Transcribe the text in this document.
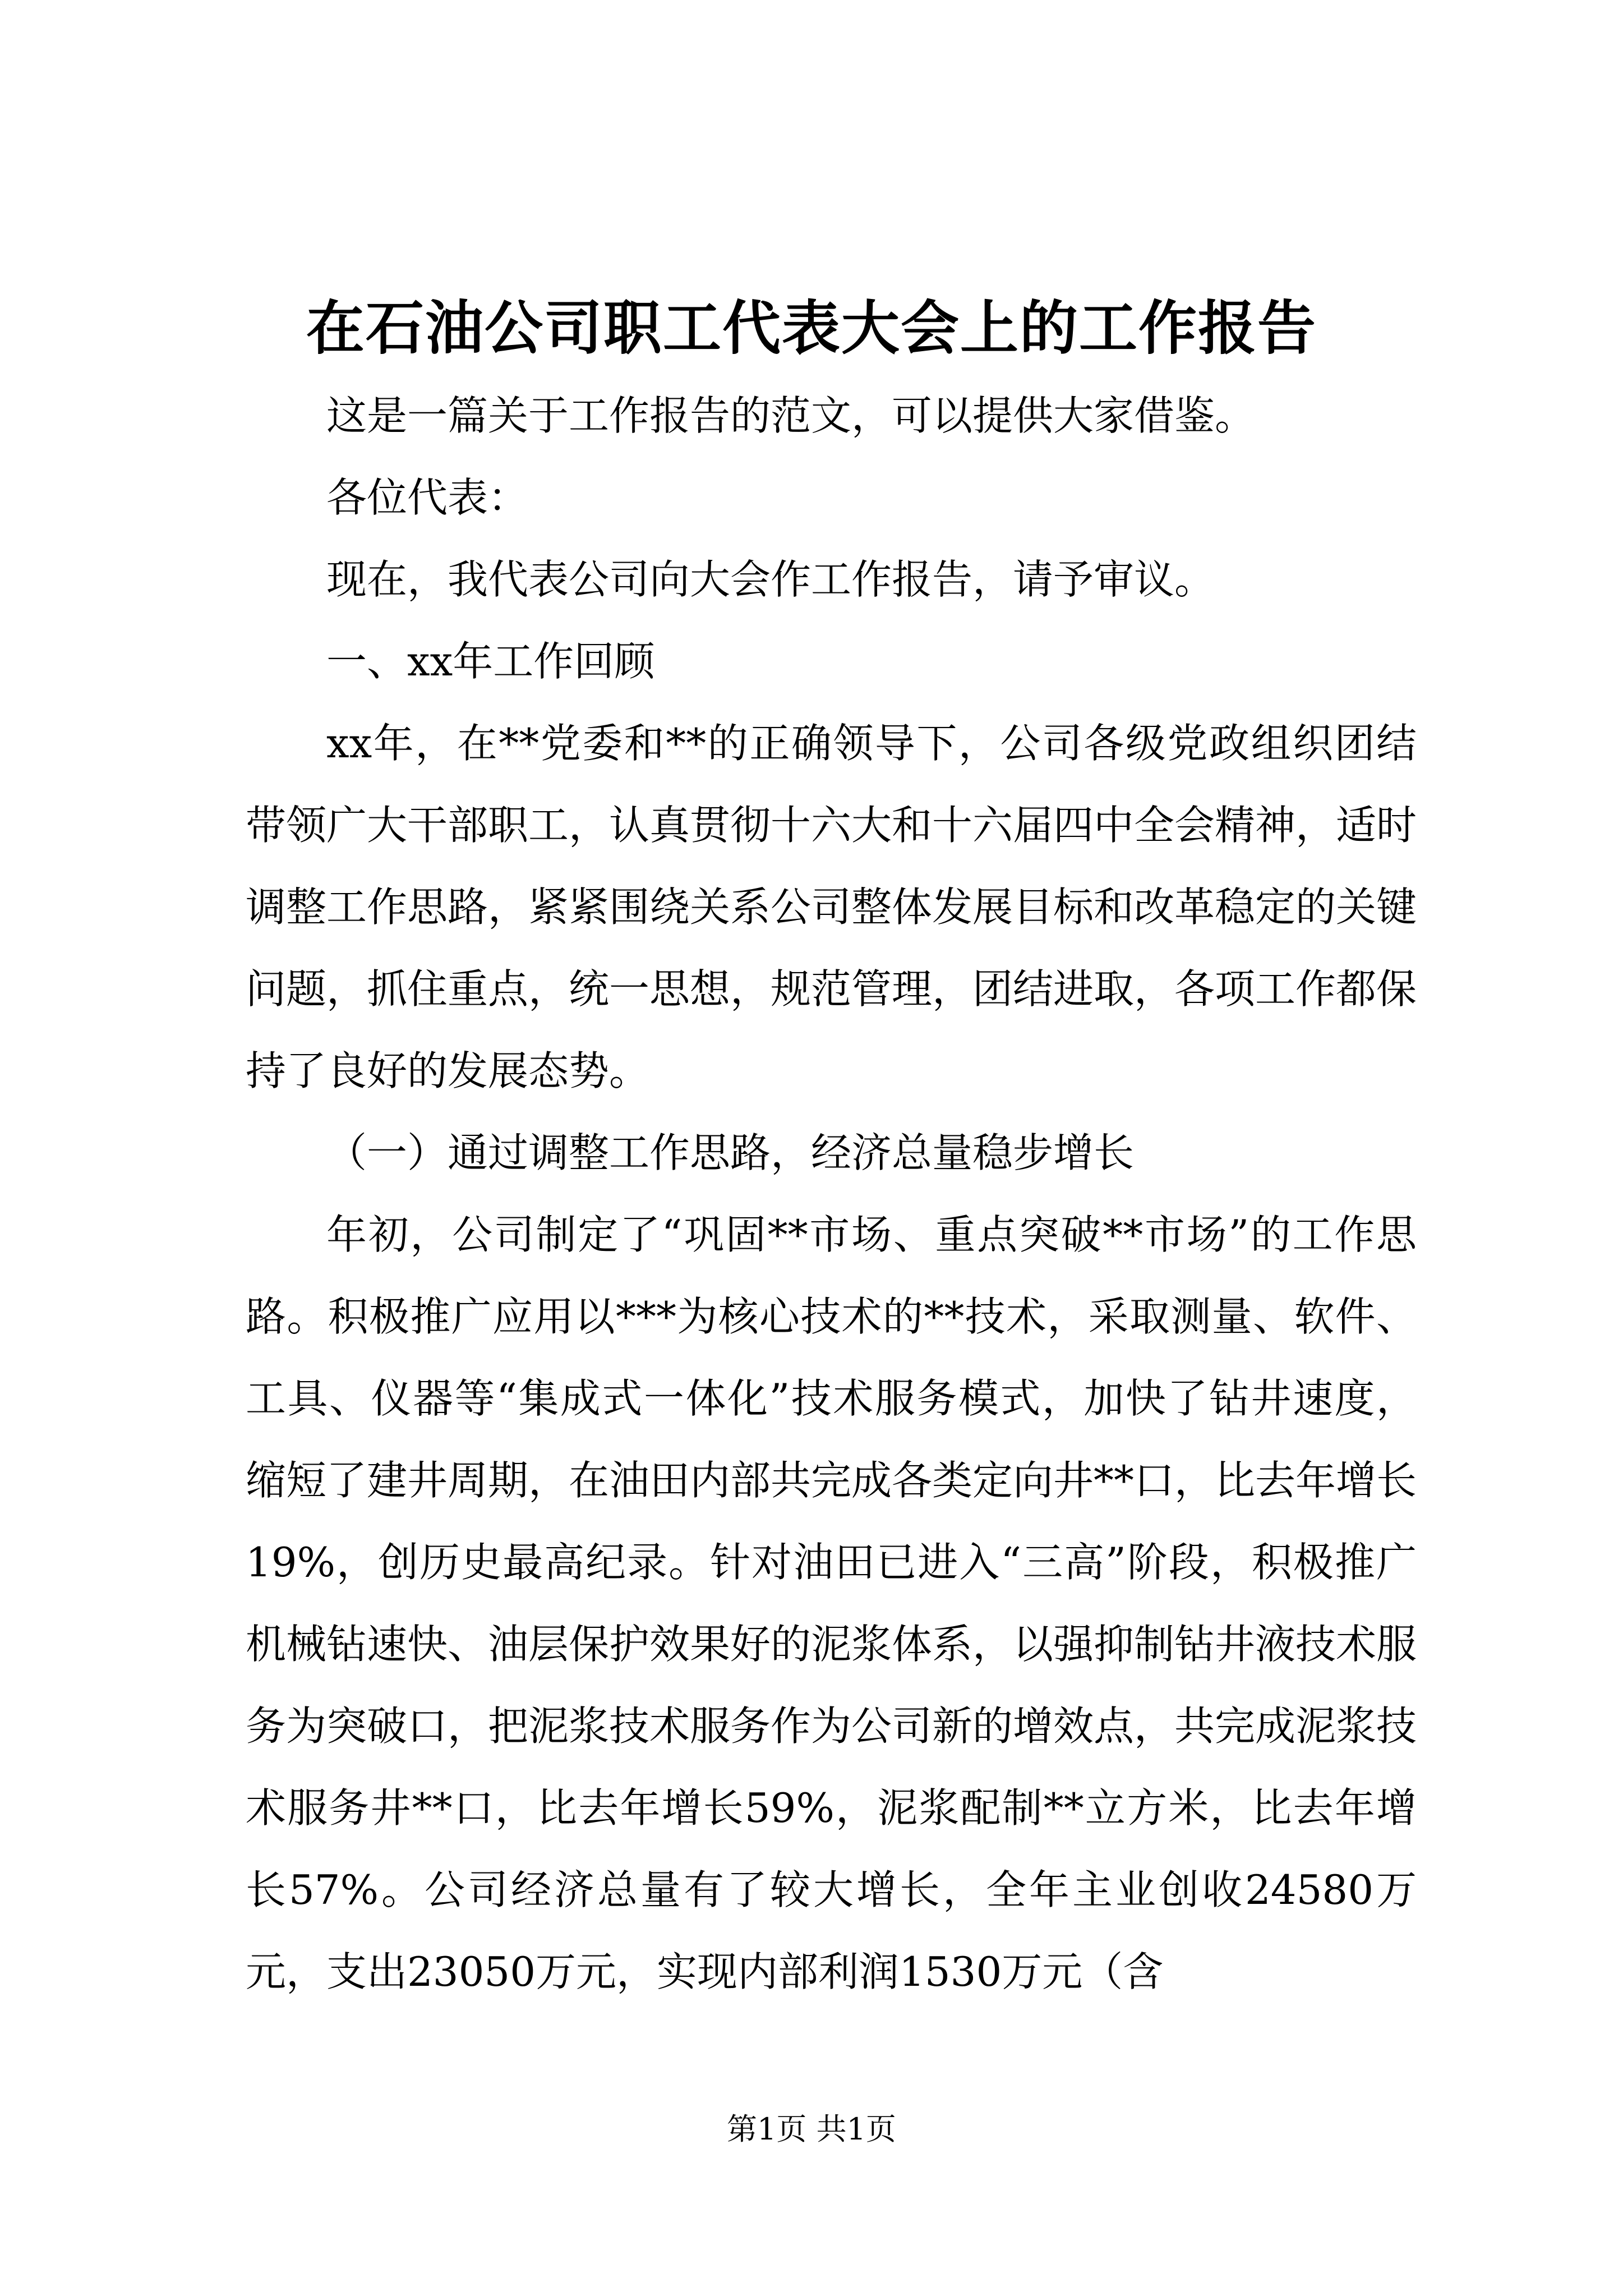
在石油公司职工代表大会上的工作报告

这是一篇关于工作报告的范文，可以提供大家借鉴。

各位代表：

现在，我代表公司向大会作工作报告，请予审议。

一、xx年工作回顾

xx年，在**党委和**的正确领导下，公司各级党政组织团结带领广大干部职工，认真贯彻十六大和十六届四中全会精神，适时调整工作思路，紧紧围绕关系公司整体发展目标和改革稳定的关键问题，抓住重点，统一思想，规范管理，团结进取，各项工作都保持了良好的发展态势。

（一）通过调整工作思路，经济总量稳步增长

年初，公司制定了“巩固**市场、重点突破**市场”的工作思路。积极推广应用以***为核心技术的**技术，采取测量、软件、工具、仪器等“集成式一体化”技术服务模式，加快了钻井速度，缩短了建井周期，在油田内部共完成各类定向井**口，比去年增长19%，创历史最高纪录。针对油田已进入“三高”阶段，积极推广机械钻速快、油层保护效果好的泥浆体系，以强抑制钻井液技术服务为突破口，把泥浆技术服务作为公司新的增效点，共完成泥浆技术服务井**口，比去年增长59%，泥浆配制**立方米，比去年增长57%。公司经济总量有了较大增长，全年主业创收24580万元，支出23050万元，实现内部利润1530万元（含

第1页 共1页
